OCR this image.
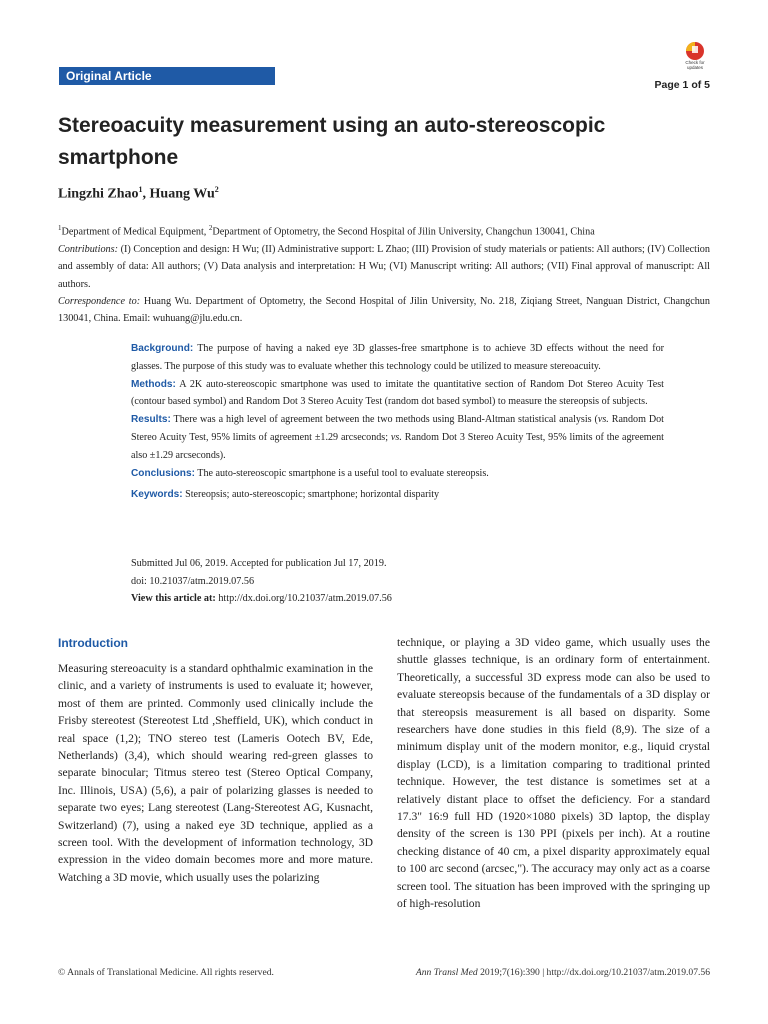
Original Article
Check for updates
Page 1 of 5
Stereoacuity measurement using an auto-stereoscopic smartphone
Lingzhi Zhao$^1$, Huang Wu$^2$

$^1$Department of Medical Equipment, $^2$Department of Optometry, the Second Hospital of Jilin University, Changchun 130041, China

Contributions: (I) Conception and design: H Wu; (II) Administrative support: L Zhao; (III) Provision of study materials or patients: All authors; (IV) Collection and assembly of data: All authors; (V) Data analysis and interpretation: H Wu; (VI) Manuscript writing: All authors; (VII) Final approval of manuscript: All authors.

Correspondence to: Huang Wu. Department of Optometry, the Second Hospital of Jilin University, No. 218, Ziqiang Street, Nanguan District, Changchun 130041, China. Email: wuhuang@jlu.edu.cn.

Background: The purpose of having a naked eye 3D glasses-free smartphone is to achieve 3D effects without the need for glasses. The purpose of this study was to evaluate whether this technology could be utilized to measure stereoacuity.

Methods: A 2K auto-stereoscopic smartphone was used to imitate the quantitative section of Random Dot Stereo Acuity Test (contour based symbol) and Random Dot 3 Stereo Acuity Test (random dot based symbol) to measure the stereopsis of subjects.

Results: There was a high level of agreement between the two methods using Bland-Altman statistical analysis (vs. Random Dot Stereo Acuity Test, 95% limits of agreement ±1.29 arcseconds; vs. Random Dot 3 Stereo Acuity Test, 95% limits of the agreement also ±1.29 arcseconds).

Conclusions: The auto-stereoscopic smartphone is a useful tool to evaluate stereopsis.

Keywords: Stereopsis; auto-stereoscopic; smartphone; horizontal disparity

Submitted Jul 06, 2019. Accepted for publication Jul 17, 2019.

doi: 10.21037/atm.2019.07.56

View this article at: http://dx.doi.org/10.21037/atm.2019.07.56

Introduction

Measuring stereoacuity is a standard ophthalmic examination in the clinic, and a variety of instruments is used to evaluate it; however, most of them are printed. Commonly used clinically include the Frisby stereotest (Stereotest Ltd ,Sheffield, UK), which conduct in real space (1,2); TNO stereo test (Lameris Ootech BV, Ede, Netherlands) (3,4), which should wearing red-green glasses to separate binocular; Titmus stereo test (Stereo Optical Company, Inc. Illinois, USA) (5,6), a pair of polarizing glasses is needed to separate two eyes; Lang stereotest (Lang-Stereotest AG, Kusnacht, Switzerland) (7), using a naked eye 3D technique, applied as a screen tool. With the development of information technology, 3D expression in the video domain becomes more and more mature. Watching a 3D movie, which usually uses the polarizing

technique, or playing a 3D video game, which usually uses the shuttle glasses technique, is an ordinary form of entertainment. Theoretically, a successful 3D express mode can also be used to evaluate stereopsis because of the fundamentals of a 3D display or that stereopsis measurement is all based on disparity. Some researchers have done studies in this field (8,9). The size of a minimum display unit of the modern monitor, e.g., liquid crystal display (LCD), is a limitation comparing to traditional printed technique. However, the test distance is sometimes set at a relatively distant place to offset the deficiency. For a standard 17.3" 16:9 full HD (1920×1080 pixels) 3D laptop, the display density of the screen is 130 PPI (pixels per inch). At a routine checking distance of 40 cm, a pixel disparity approximately equal to 100 arc second (arcsec,"). The accuracy may only act as a coarse screen tool. The situation has been improved with the springing up of high-resolution

© Annals of Translational Medicine. All rights reserved.	Ann Transl Med 2019;7(16):390 | http://dx.doi.org/10.21037/atm.2019.07.56
